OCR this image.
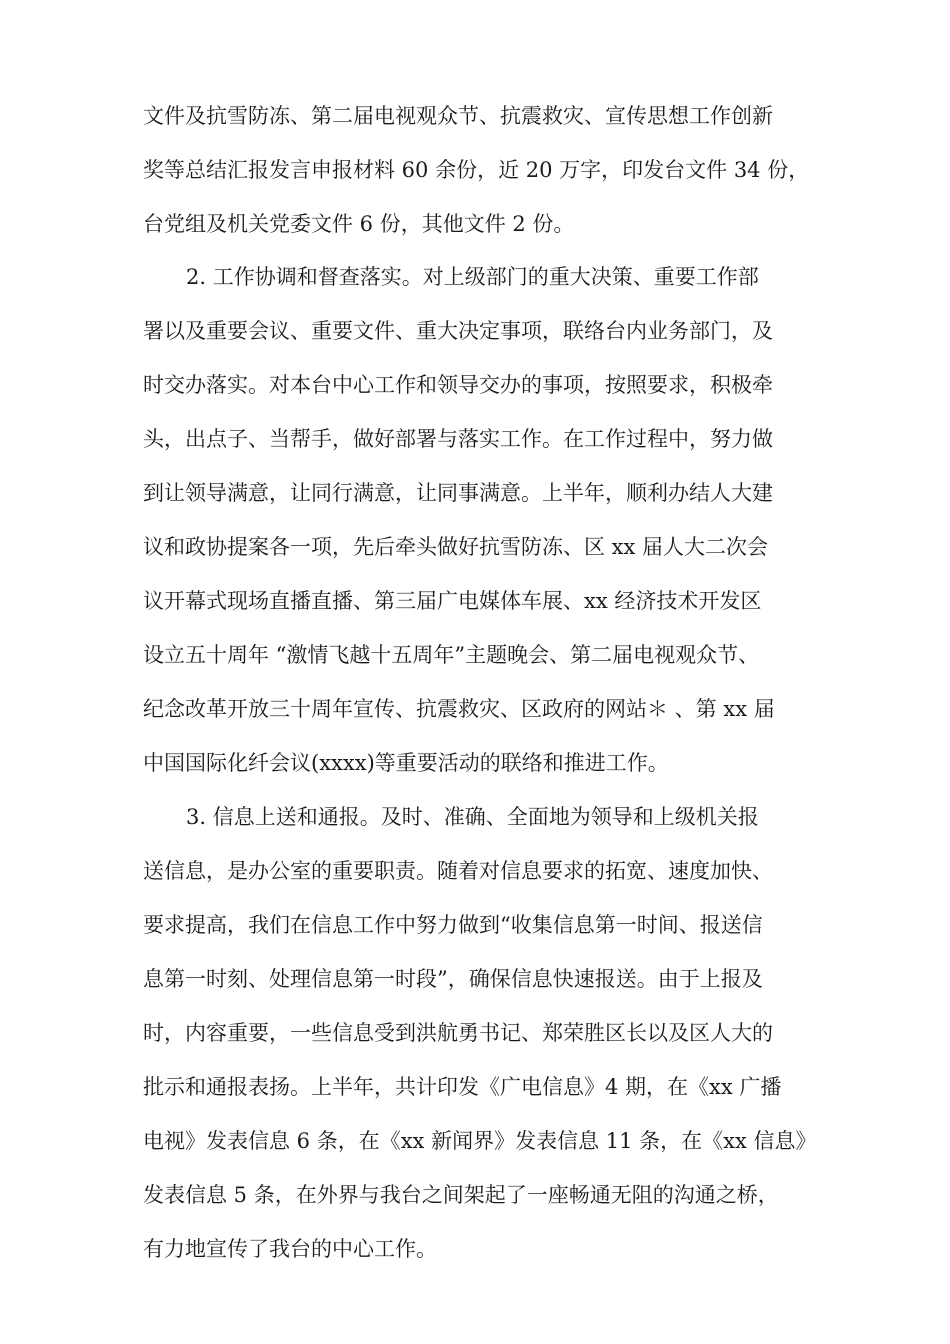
文件及抗雪防冻、第二届电视观众节、抗震救灾、宣传思想工作创新
奖等总结汇报发言申报材料 60 余份，近 20 万字，印发台文件 34 份，
台党组及机关党委文件 6 份，其他文件 2 份。
2. 工作协调和督查落实。对上级部门的重大决策、重要工作部
署以及重要会议、重要文件、重大决定事项，联络台内业务部门，及
时交办落实。对本台中心工作和领导交办的事项，按照要求，积极牵
头，出点子、当帮手，做好部署与落实工作。在工作过程中，努力做
到让领导满意，让同行满意，让同事满意。上半年，顺利办结人大建
议和政协提案各一项，先后牵头做好抗雪防冻、区 xx 届人大二次会
议开幕式现场直播直播、第三届广电媒体车展、xx 经济技术开发区
设立五十周年 “激情飞越十五周年”主题晚会、第二届电视观众节、
纪念改革开放三十周年宣传、抗震救灾、区政府的网站＊ 、第 xx 届
中国国际化纤会议(xxxx)等重要活动的联络和推进工作。
3. 信息上送和通报。及时、准确、全面地为领导和上级机关报
送信息，是办公室的重要职责。随着对信息要求的拓宽、速度加快、
要求提高，我们在信息工作中努力做到“收集信息第一时间、报送信
息第一时刻、处理信息第一时段”，确保信息快速报送。由于上报及
时，内容重要，一些信息受到洪航勇书记、郑荣胜区长以及区人大的
批示和通报表扬。上半年，共计印发《广电信息》4 期，在《xx 广播
电视》发表信息 6 条，在《xx 新闻界》发表信息 11 条，在《xx 信息》
发表信息 5 条，在外界与我台之间架起了一座畅通无阻的沟通之桥，
有力地宣传了我台的中心工作。
